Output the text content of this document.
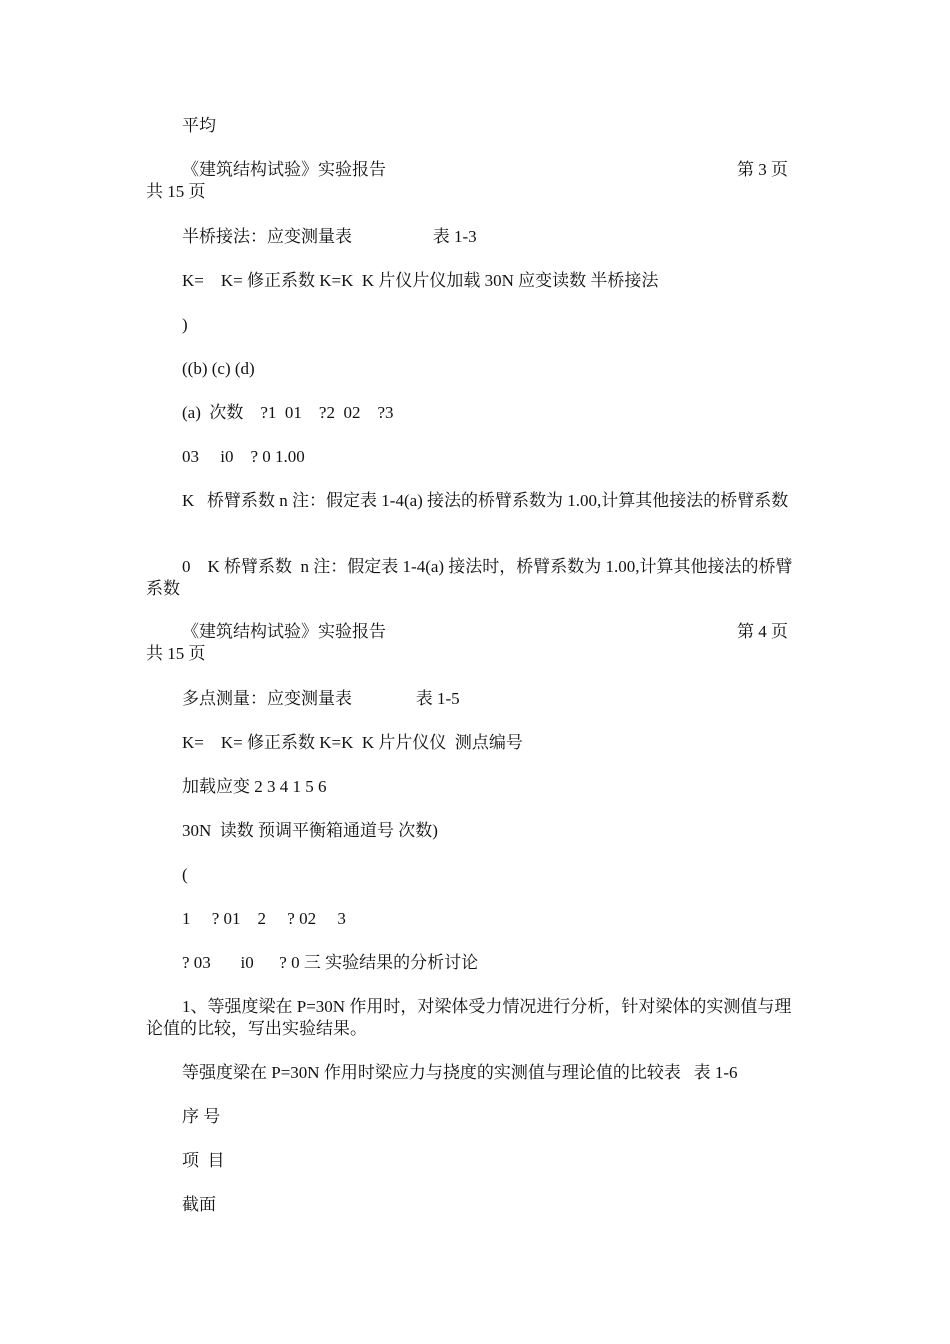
平均

《建筑结构试验》实验报告	第 3 页
共 15 页

半桥接法：应变测量表                   表 1-3

K=    K= 修正系数 K=K  K 片仪片仪加载 30N 应变读数 半桥接法

)

((b) (c) (d)

(a)  次数    ?1  01    ?2  02    ?3

03     i0    ? 0 1.00

K   桥臂系数 n 注：假定表 1-4(a) 接法的桥臂系数为 1.00,计算其他接法的桥臂系数

0    K 桥臂系数  n 注：假定表 1-4(a) 接法时，桥臂系数为 1.00,计算其他接法的桥臂系数

《建筑结构试验》实验报告	第 4 页
共 15 页

多点测量：应变测量表               表 1-5

K=    K= 修正系数 K=K  K 片片仪仪  测点编号

加载应变 2 3 4 1 5 6

30N  读数 预调平衡箱通道号 次数)

(

1     ? 01    2     ? 02     3

? 03       i0      ? 0 三 实验结果的分析讨论

1、等强度梁在 P=30N 作用时，对梁体受力情况进行分析，针对梁体的实测值与理论值的比较，写出实验结果。

等强度梁在 P=30N 作用时梁应力与挠度的实测值与理论值的比较表   表 1-6

序 号

项  目

截面
